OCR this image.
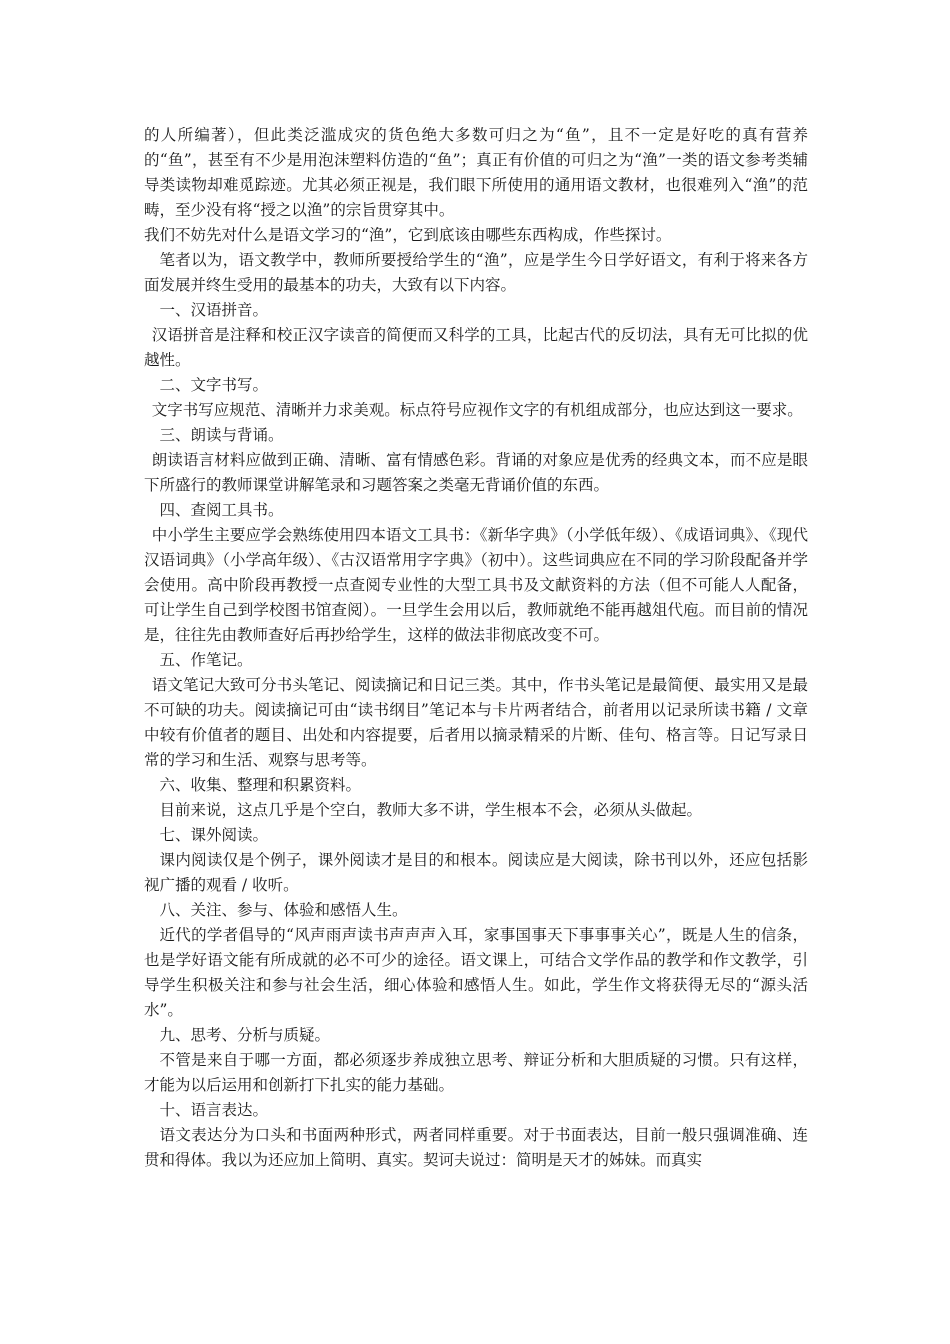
的人所编著），但此类泛滥成灾的货色绝大多数可归之为“鱼”，且不一定是好吃的真有营养的“鱼”，甚至有不少是用泡沫塑料仿造的“鱼”；真正有价值的可归之为“渔”一类的语文参考类辅导类读物却难觅踪迹。尤其必须正视是，我们眼下所使用的通用语文教材，也很难列入“渔”的范畴，至少没有将“授之以渔”的宗旨贯穿其中。

我们不妨先对什么是语文学习的“渔”，它到底该由哪些东西构成，作些探讨。

笔者以为，语文教学中，教师所要授给学生的“渔”，应是学生今日学好语文，有利于将来各方面发展并终生受用的最基本的功夫，大致有以下内容。

一、汉语拼音。

汉语拼音是注释和校正汉字读音的简便而又科学的工具，比起古代的反切法，具有无可比拟的优越性。

二、文字书写。

文字书写应规范、清晰并力求美观。标点符号应视作文字的有机组成部分，也应达到这一要求。

三、朗读与背诵。

朗读语言材料应做到正确、清晰、富有情感色彩。背诵的对象应是优秀的经典文本，而不应是眼下所盛行的教师课堂讲解笔录和习题答案之类毫无背诵价值的东西。

四、查阅工具书。

中小学生主要应学会熟练使用四本语文工具书：《新华字典》（小学低年级）、《成语词典》、《现代汉语词典》（小学高年级）、《古汉语常用字字典》（初中）。这些词典应在不同的学习阶段配备并学会使用。高中阶段再教授一点查阅专业性的大型工具书及文献资料的方法（但不可能人人配备，可让学生自己到学校图书馆查阅）。一旦学生会用以后，教师就绝不能再越俎代庖。而目前的情况是，往往先由教师查好后再抄给学生，这样的做法非彻底改变不可。

五、作笔记。

语文笔记大致可分书头笔记、阅读摘记和日记三类。其中，作书头笔记是最简便、最实用又是最不可缺的功夫。阅读摘记可由“读书纲目”笔记本与卡片两者结合，前者用以记录所读书籍 / 文章中较有价值者的题目、出处和内容提要，后者用以摘录精采的片断、佳句、格言等。日记写录日常的学习和生活、观察与思考等。

六、收集、整理和积累资料。

目前来说，这点几乎是个空白，教师大多不讲，学生根本不会，必须从头做起。

七、课外阅读。

课内阅读仅是个例子，课外阅读才是目的和根本。阅读应是大阅读，除书刊以外，还应包括影视广播的观看 / 收听。

八、关注、参与、体验和感悟人生。

近代的学者倡导的“风声雨声读书声声声入耳，家事国事天下事事事关心”，既是人生的信条，也是学好语文能有所成就的必不可少的途径。语文课上，可结合文学作品的教学和作文教学，引导学生积极关注和参与社会生活，细心体验和感悟人生。如此，学生作文将获得无尽的“源头活水”。

九、思考、分析与质疑。

不管是来自于哪一方面，都必须逐步养成独立思考、辩证分析和大胆质疑的习惯。只有这样，才能为以后运用和创新打下扎实的能力基础。

十、语言表达。

语文表达分为口头和书面两种形式，两者同样重要。对于书面表达，目前一般只强调准确、连贯和得体。我以为还应加上简明、真实。契诃夫说过：简明是天才的姊妹。而真实
